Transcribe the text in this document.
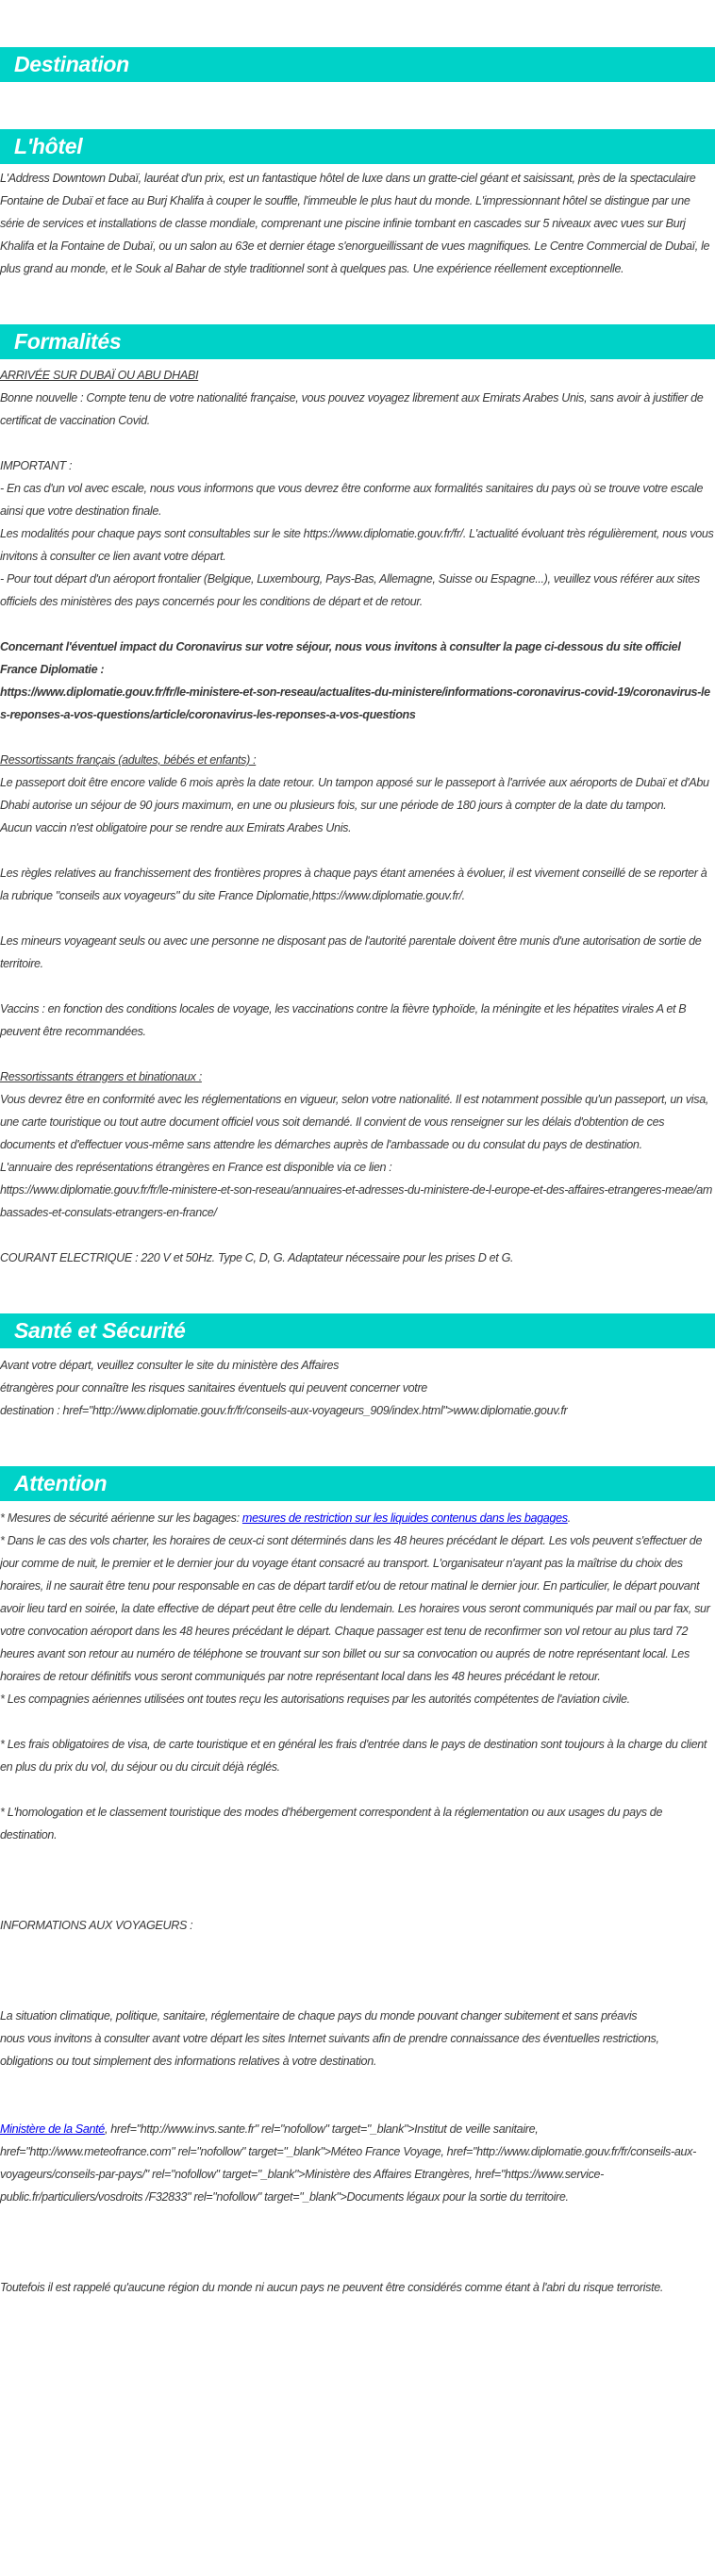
Destination
L'hôtel

L'Address Downtown Dubaï, lauréat d'un prix, est un fantastique hôtel de luxe dans un gratte-ciel géant et saisissant, près de la spectaculaire Fontaine de Dubaï et face au Burj Khalifa à couper le souffle, l'immeuble le plus haut du monde. L'impressionnant hôtel se distingue par une série de services et installations de classe mondiale, comprenant une piscine infinie tombant en cascades sur 5 niveaux avec vues sur Burj Khalifa et la Fontaine de Dubaï, ou un salon au 63e et dernier étage s'enorgueillissant de vues magnifiques. Le Centre Commercial de Dubaï, le plus grand au monde, et le Souk al Bahar de style traditionnel sont à quelques pas. Une expérience réellement exceptionnelle.

Formalités

ARRIVÉE SUR DUBAÏ OU ABU DHABI

Bonne nouvelle : Compte tenu de votre nationalité française, vous pouvez voyagez librement aux Emirats Arabes Unis, sans avoir à justifier de certificat de vaccination Covid.

IMPORTANT :

- En cas d'un vol avec escale, nous vous informons que vous devrez être conforme aux formalités sanitaires du pays où se trouve votre escale ainsi que votre destination finale.

Les modalités pour chaque pays sont consultables sur le site https://www.diplomatie.gouv.fr/fr/. L'actualité évoluant très régulièrement, nous vous invitons à consulter ce lien avant votre départ.

- Pour tout départ d'un aéroport frontalier (Belgique, Luxembourg, Pays-Bas, Allemagne, Suisse ou Espagne...), veuillez vous référer aux sites officiels des ministères des pays concernés pour les conditions de départ et de retour.

Concernant l'éventuel impact du Coronavirus sur votre séjour, nous vous invitons à consulter la page ci-dessous du site officiel France Diplomatie :

https://www.diplomatie.gouv.fr/fr/le-ministere-et-son-reseau/actualites-du-ministere/informations-coronavirus-covid-19/coronavirus-les-reponses-a-vos-questions/article/coronavirus-les-reponses-a-vos-questions

Ressortissants français (adultes, bébés et enfants) :

Le passeport doit être encore valide 6 mois après la date retour. Un tampon apposé sur le passeport à l'arrivée aux aéroports de Dubaï et d'Abu Dhabi autorise un séjour de 90 jours maximum, en une ou plusieurs fois, sur une période de 180 jours à compter de la date du tampon.

Aucun vaccin n'est obligatoire pour se rendre aux Emirats Arabes Unis.

Les règles relatives au franchissement des frontières propres à chaque pays étant amenées à évoluer, il est vivement conseillé de se reporter à la rubrique "conseils aux voyageurs" du site France Diplomatie,https://www.diplomatie.gouv.fr/.

Les mineurs voyageant seuls ou avec une personne ne disposant pas de l'autorité parentale doivent être munis d'une autorisation de sortie de territoire.

Vaccins : en fonction des conditions locales de voyage, les vaccinations contre la fièvre typhoïde, la méningite et les hépatites virales A et B peuvent être recommandées.

Ressortissants étrangers et binationaux :

Vous devrez être en conformité avec les réglementations en vigueur, selon votre nationalité. Il est notamment possible qu'un passeport, un visa, une carte touristique ou tout autre document officiel vous soit demandé. Il convient de vous renseigner sur les délais d'obtention de ces documents et d'effectuer vous-même sans attendre les démarches auprès de l'ambassade ou du consulat du pays de destination.

L'annuaire des représentations étrangères en France est disponible via ce lien :

https://www.diplomatie.gouv.fr/fr/le-ministere-et-son-reseau/annuaires-et-adresses-du-ministere-de-l-europe-et-des-affaires-etrangeres-meae/ambassades-et-consulats-etrangers-en-france/

COURANT ELECTRIQUE : 220 V et 50Hz. Type C, D, G. Adaptateur nécessaire pour les prises D et G.

Santé et Sécurité

Avant votre départ, veuillez consulter le site du ministère des Affaires

étrangères pour connaître les risques sanitaires éventuels qui peuvent concerner votre

destination : href="http://www.diplomatie.gouv.fr/fr/conseils-aux-voyageurs_909/index.html">www.diplomatie.gouv.fr

Attention

* Mesures de sécurité aérienne sur les bagages: mesures de restriction sur les liquides contenus dans les bagages.

* Dans le cas des vols charter, les horaires de ceux-ci sont déterminés dans les 48 heures précédant le départ. Les vols peuvent s'effectuer de jour comme de nuit, le premier et le dernier jour du voyage étant consacré au transport. L'organisateur n'ayant pas la maîtrise du choix des horaires, il ne saurait être tenu pour responsable en cas de départ tardif et/ou de retour matinal le dernier jour. En particulier, le départ pouvant avoir lieu tard en soirée, la date effective de départ peut être celle du lendemain. Les horaires vous seront communiqués par mail ou par fax, sur votre convocation aéroport dans les 48 heures précédant le départ. Chaque passager est tenu de reconfirmer son vol retour au plus tard 72 heures avant son retour au numéro de téléphone se trouvant sur son billet ou sur sa convocation ou auprés de notre représentant local. Les horaires de retour définitifs vous seront communiqués par notre représentant local dans les 48 heures précédant le retour.

* Les compagnies aériennes utilisées ont toutes reçu les autorisations requises par les autorités compétentes de l'aviation civile.

* Les frais obligatoires de visa, de carte touristique et en général les frais d'entrée dans le pays de destination sont toujours à la charge du client en plus du prix du vol, du séjour ou du circuit déjà réglés.

* L'homologation et le classement touristique des modes d'hébergement correspondent à la réglementation ou aux usages du pays de destination.

INFORMATIONS AUX VOYAGEURS :

La situation climatique, politique, sanitaire, réglementaire de chaque pays du monde pouvant changer subitement et sans préavis

nous vous invitons à consulter avant votre départ les sites Internet suivants afin de prendre connaissance des éventuelles restrictions, obligations ou tout simplement des informations relatives à votre destination.

Ministère de la Santé, href="http://www.invs.sante.fr" rel="nofollow" target="_blank">Institut de veille sanitaire, href="http://www.meteofrance.com" rel="nofollow" target="_blank">Méteo France Voyage, href="http://www.diplomatie.gouv.fr/fr/conseils-aux-voyageurs/conseils-par-pays/" rel="nofollow" target="_blank">Ministère des Affaires Etrangères, href="https://www.service-public.fr/particuliers/vosdroits /F32833" rel="nofollow" target="_blank">Documents légaux pour la sortie du territoire.

Toutefois il est rappelé qu'aucune région du monde ni aucun pays ne peuvent être considérés comme étant à l'abri du risque terroriste.
